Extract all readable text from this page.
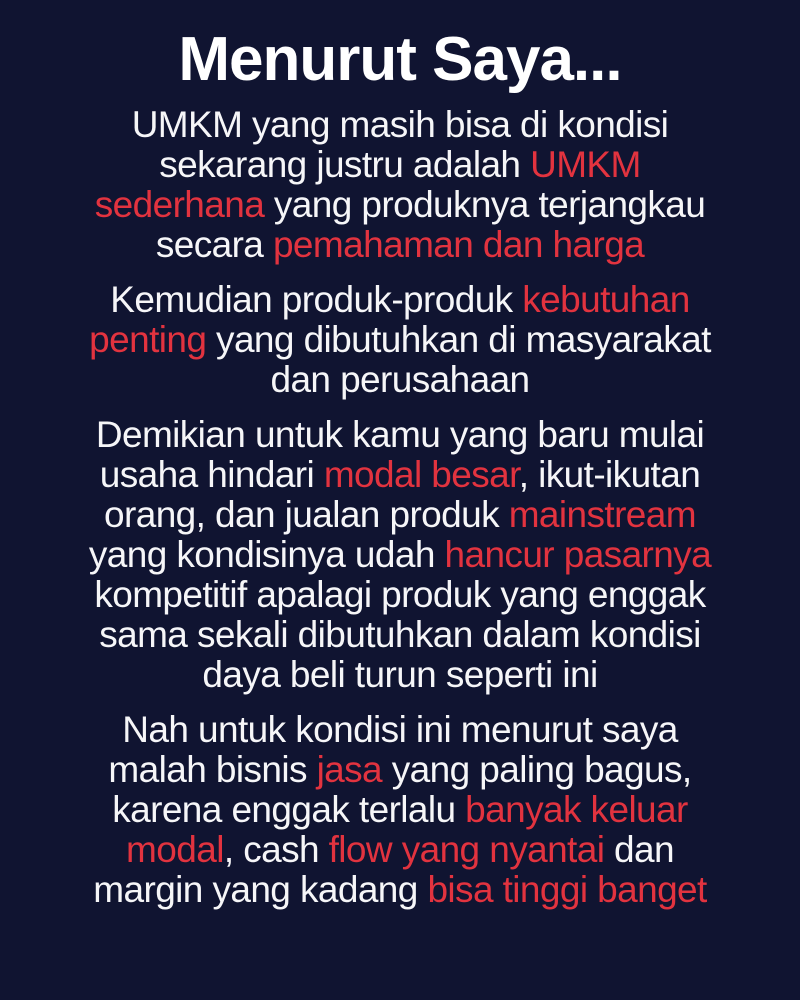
Menurut Saya...
UMKM yang masih bisa di kondisi
sekarang justru adalah UMKM
sederhana yang produknya terjangkau
secara pemahaman dan harga
Kemudian produk-produk kebutuhan
penting yang dibutuhkan di masyarakat
dan perusahaan
Demikian untuk kamu yang baru mulai
usaha hindari modal besar, ikut-ikutan
orang, dan jualan produk mainstream
yang kondisinya udah hancur pasarnya
kompetitif apalagi produk yang enggak
sama sekali dibutuhkan dalam kondisi
daya beli turun seperti ini
Nah untuk kondisi ini menurut saya
malah bisnis jasa yang paling bagus,
karena enggak terlalu banyak keluar
modal, cash flow yang nyantai dan
margin yang kadang bisa tinggi banget
